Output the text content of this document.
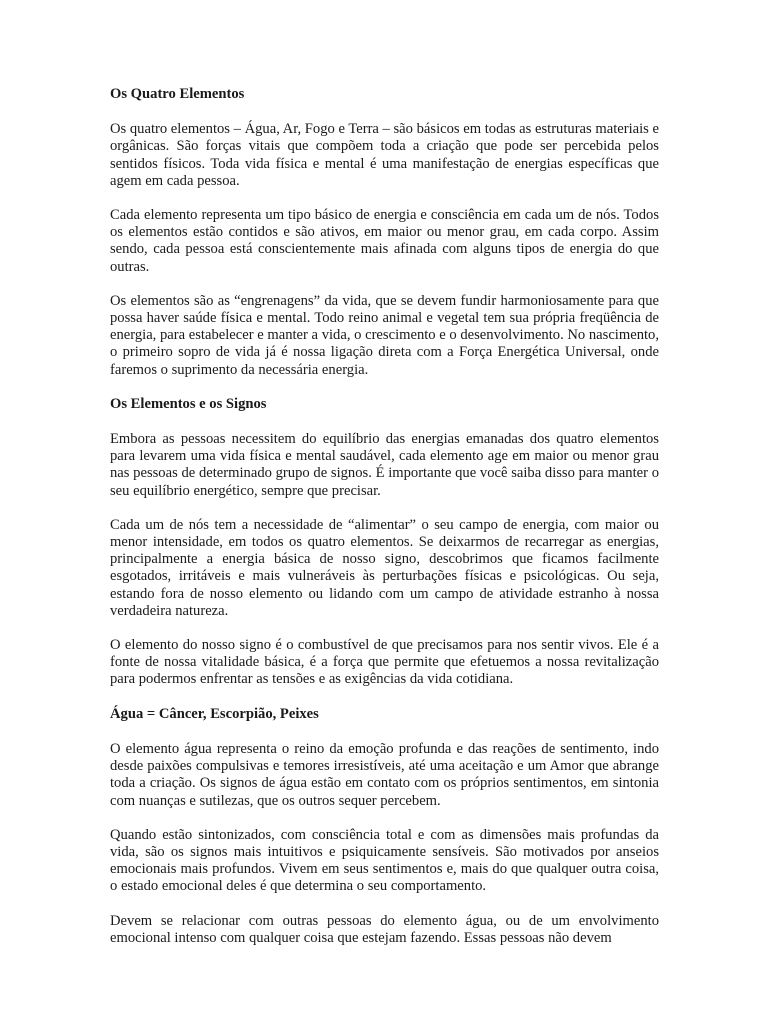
Os Quatro Elementos

Os quatro elementos – Água, Ar, Fogo e Terra – são básicos em todas as estruturas materiais e orgânicas. São forças vitais que compõem toda a criação que pode ser percebida pelos sentidos físicos. Toda vida física e mental é uma manifestação de energias específicas que agem em cada pessoa.

Cada elemento representa um tipo básico de energia e consciência em cada um de nós. Todos os elementos estão contidos e são ativos, em maior ou menor grau, em cada corpo. Assim sendo, cada pessoa está conscientemente mais afinada com alguns tipos de energia do que outras.

Os elementos são as “engrenagens” da vida, que se devem fundir harmoniosamente para que possa haver saúde física e mental. Todo reino animal e vegetal tem sua própria freqüência de energia, para estabelecer e manter a vida, o crescimento e o desenvolvimento. No nascimento, o primeiro sopro de vida já é nossa ligação direta com a Força Energética Universal, onde faremos o suprimento da necessária energia.

Os Elementos e os Signos

Embora as pessoas necessitem do equilíbrio das energias emanadas dos quatro elementos para levarem uma vida física e mental saudável, cada elemento age em maior ou menor grau nas pessoas de determinado grupo de signos. É importante que você saiba disso para manter o seu equilíbrio energético, sempre que precisar.

Cada um de nós tem a necessidade de “alimentar” o seu campo de energia, com maior ou menor intensidade, em todos os quatro elementos. Se deixarmos de recarregar as energias, principalmente a energia básica de nosso signo, descobrimos que ficamos facilmente esgotados, irritáveis e mais vulneráveis às perturbações físicas e psicológicas. Ou seja, estando fora de nosso elemento ou lidando com um campo de atividade estranho à nossa verdadeira natureza.

O elemento do nosso signo é o combustível de que precisamos para nos sentir vivos. Ele é a fonte de nossa vitalidade básica, é a força que permite que efetuemos a nossa revitalização para podermos enfrentar as tensões e as exigências da vida cotidiana.

Água = Câncer, Escorpião, Peixes

O elemento água representa o reino da emoção profunda e das reações de sentimento, indo desde paixões compulsivas e temores irresistíveis, até uma aceitação e um Amor que abrange toda a criação. Os signos de água estão em contato com os próprios sentimentos, em sintonia com nuanças e sutilezas, que os outros sequer percebem.

Quando estão sintonizados, com consciência total e com as dimensões mais profundas da vida, são os signos mais intuitivos e psiquicamente sensíveis. São motivados por anseios emocionais mais profundos. Vivem em seus sentimentos e, mais do que qualquer outra coisa, o estado emocional deles é que determina o seu comportamento.

Devem se relacionar com outras pessoas do elemento água, ou de um envolvimento emocional intenso com qualquer coisa que estejam fazendo. Essas pessoas não devem
